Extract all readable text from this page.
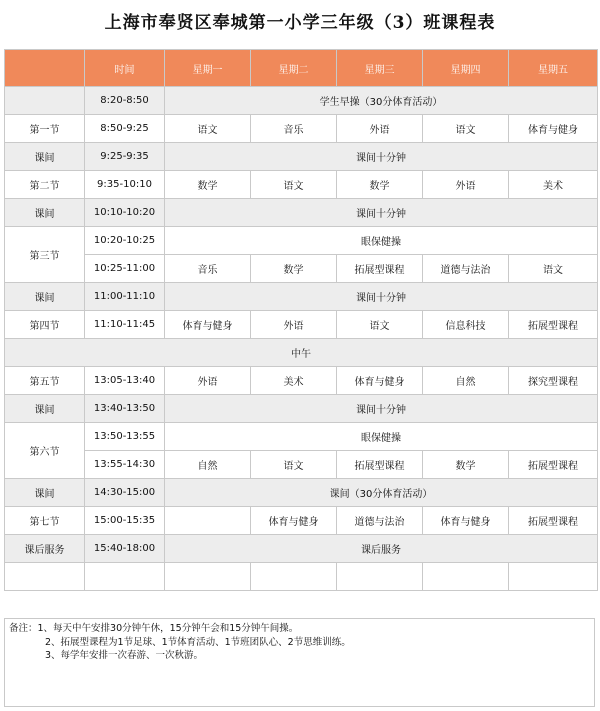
上海市奉贤区奉城第一小学三年级（3）班课程表
	时间	星期一	星期二	星期三	星期四	星期五
	8:20-8:50	学生早操（30分体育活动）				
第一节	8:50-9:25	语文	音乐	外语	语文	体育与健身
课间	9:25-9:35	课间十分钟				
第二节	9:35-10:10	数学	语文	数学	外语	美术
课间	10:10-10:20	课间十分钟				
第三节	10:20-10:25	眼保健操				
	10:25-11:00	音乐	数学	拓展型课程	道德与法治	语文
课间	11:00-11:10	课间十分钟				
第四节	11:10-11:45	体育与健身	外语	语文	信息科技	拓展型课程
中午						
第五节	13:05-13:40	外语	美术	体育与健身	自然	探究型课程
课间	13:40-13:50	课间十分钟				
第六节	13:50-13:55	眼保健操				
	13:55-14:30	自然	语文	拓展型课程	数学	拓展型课程
课间	14:30-15:00	课间（30分体育活动）				
第七节	15:00-15:35		体育与健身	道德与法治	体育与健身	拓展型课程
课后服务	15:40-18:00	课后服务				

备注：1、每天中午安排30分钟午休，15分钟午会和15分钟午间操。
2、拓展型课程为1节足球、1节体育活动、1节班团队心、2节思维训练。
3、每学年安排一次春游、一次秋游。
